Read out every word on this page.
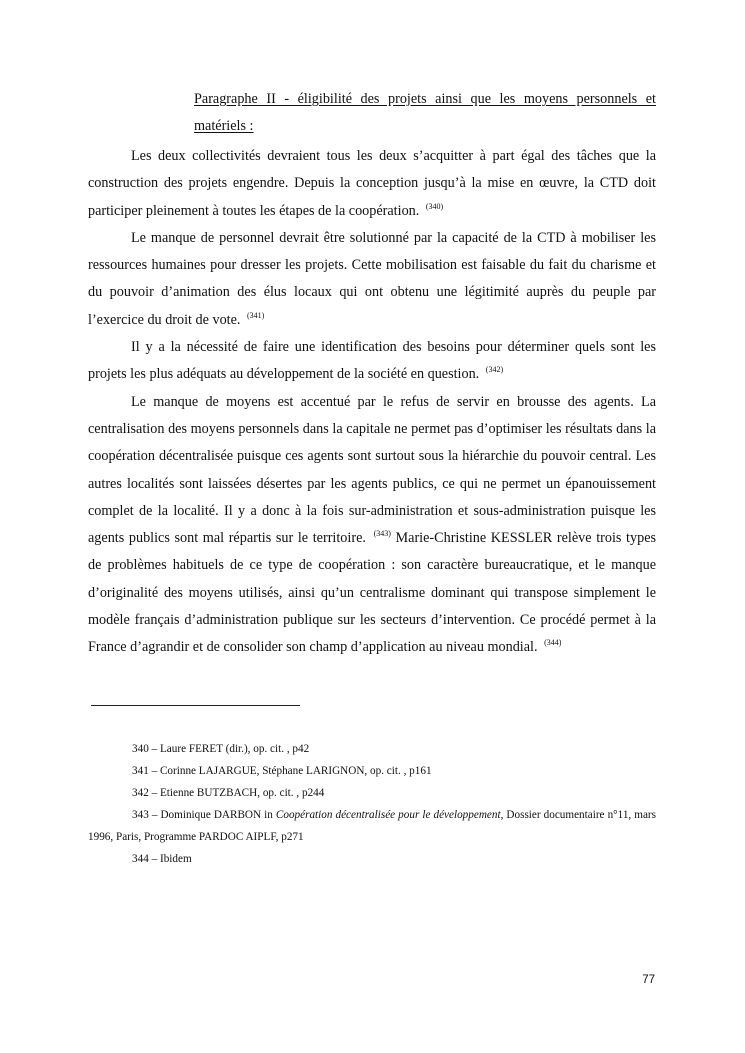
Paragraphe II - éligibilité des projets ainsi que les moyens personnels et matériels :

Les deux collectivités devraient tous les deux s’acquitter à part égal des tâches que la construction des projets engendre. Depuis la conception jusqu’à la mise en œuvre, la CTD doit participer pleinement à toutes les étapes de la coopération. $^{(340)}$

Le manque de personnel devrait être solutionné par la capacité de la CTD à mobiliser les ressources humaines pour dresser les projets. Cette mobilisation est faisable du fait du charisme et du pouvoir d’animation des élus locaux qui ont obtenu une légitimité auprès du peuple par l’exercice du droit de vote. $^{(341)}$

Il y a la nécessité de faire une identification des besoins pour déterminer quels sont les projets les plus adéquats au développement de la société en question. $^{(342)}$

Le manque de moyens est accentué par le refus de servir en brousse des agents. La centralisation des moyens personnels dans la capitale ne permet pas d’optimiser les résultats dans la coopération décentralisée puisque ces agents sont surtout sous la hiérarchie du pouvoir central. Les autres localités sont laissées désertes par les agents publics, ce qui ne permet un épanouissement complet de la localité. Il y a donc à la fois sur-administration et sous-administration puisque les agents publics sont mal répartis sur le territoire. $^{(343)}$ Marie-Christine KESSLER relève trois types de problèmes habituels de ce type de coopération : son caractère bureaucratique, et le manque d’originalité des moyens utilisés, ainsi qu’un centralisme dominant qui transpose simplement le modèle français d’administration publique sur les secteurs d’intervention. Ce procédé permet à la France d’agrandir et de consolider son champ d’application au niveau mondial. $^{(344)}$

340 – Laure FERET (dir.), op. cit. , p42

341 – Corinne LAJARGUE, Stéphane LARIGNON, op. cit. , p161

342 – Etienne BUTZBACH, op. cit. , p244

343 – Dominique DARBON in Coopération décentralisée pour le développement, Dossier documentaire n°11, mars 1996, Paris, Programme PARDOC AIPLF, p271

344 – Ibidem

77
